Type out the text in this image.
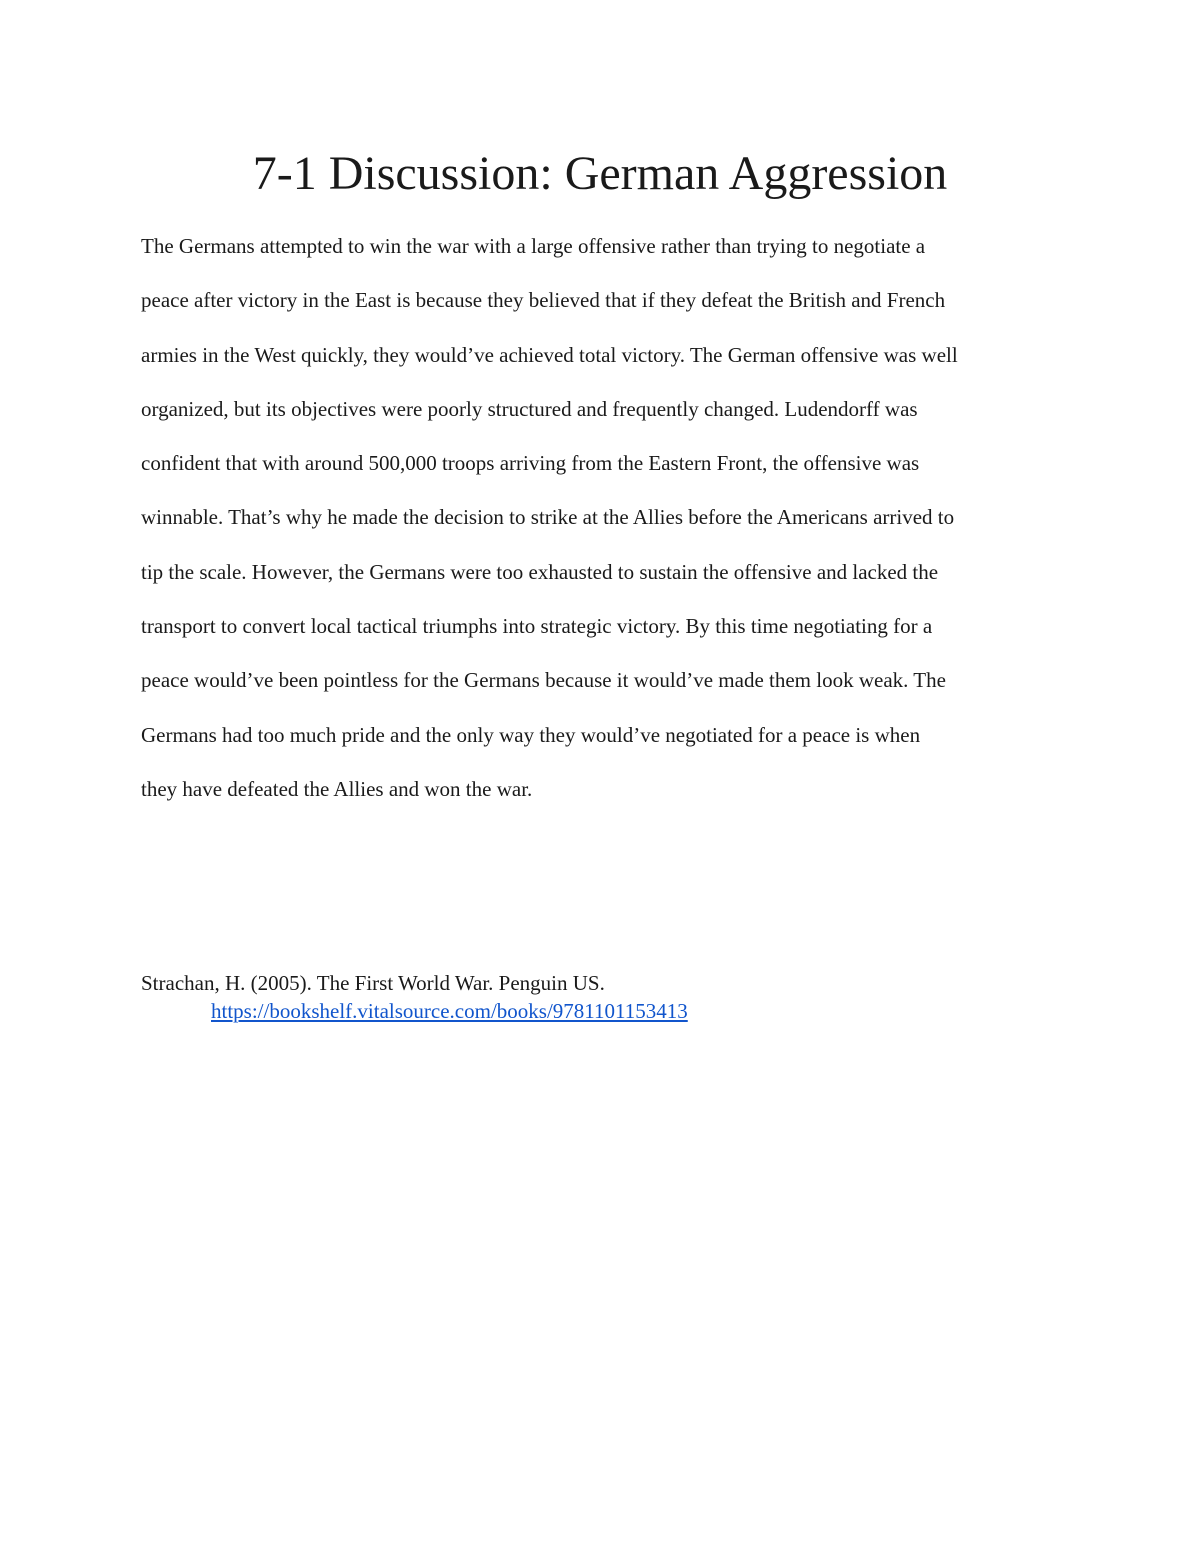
7-1 Discussion: German Aggression
The Germans attempted to win the war with a large offensive rather than trying to negotiate a
peace after victory in the East is because they believed that if they defeat the British and French
armies in the West quickly, they would’ve achieved total victory. The German offensive was well
organized, but its objectives were poorly structured and frequently changed. Ludendorff was
confident that with around 500,000 troops arriving from the Eastern Front, the offensive was
winnable. That’s why he made the decision to strike at the Allies before the Americans arrived to
tip the scale. However, the Germans were too exhausted to sustain the offensive and lacked the
transport to convert local tactical triumphs into strategic victory. By this time negotiating for a
peace would’ve been pointless for the Germans because it would’ve made them look weak. The
Germans had too much pride and the only way they would’ve negotiated for a peace is when
they have defeated the Allies and won the war.
Strachan, H. (2005). The First World War. Penguin US.
https://bookshelf.vitalsource.com/books/9781101153413
